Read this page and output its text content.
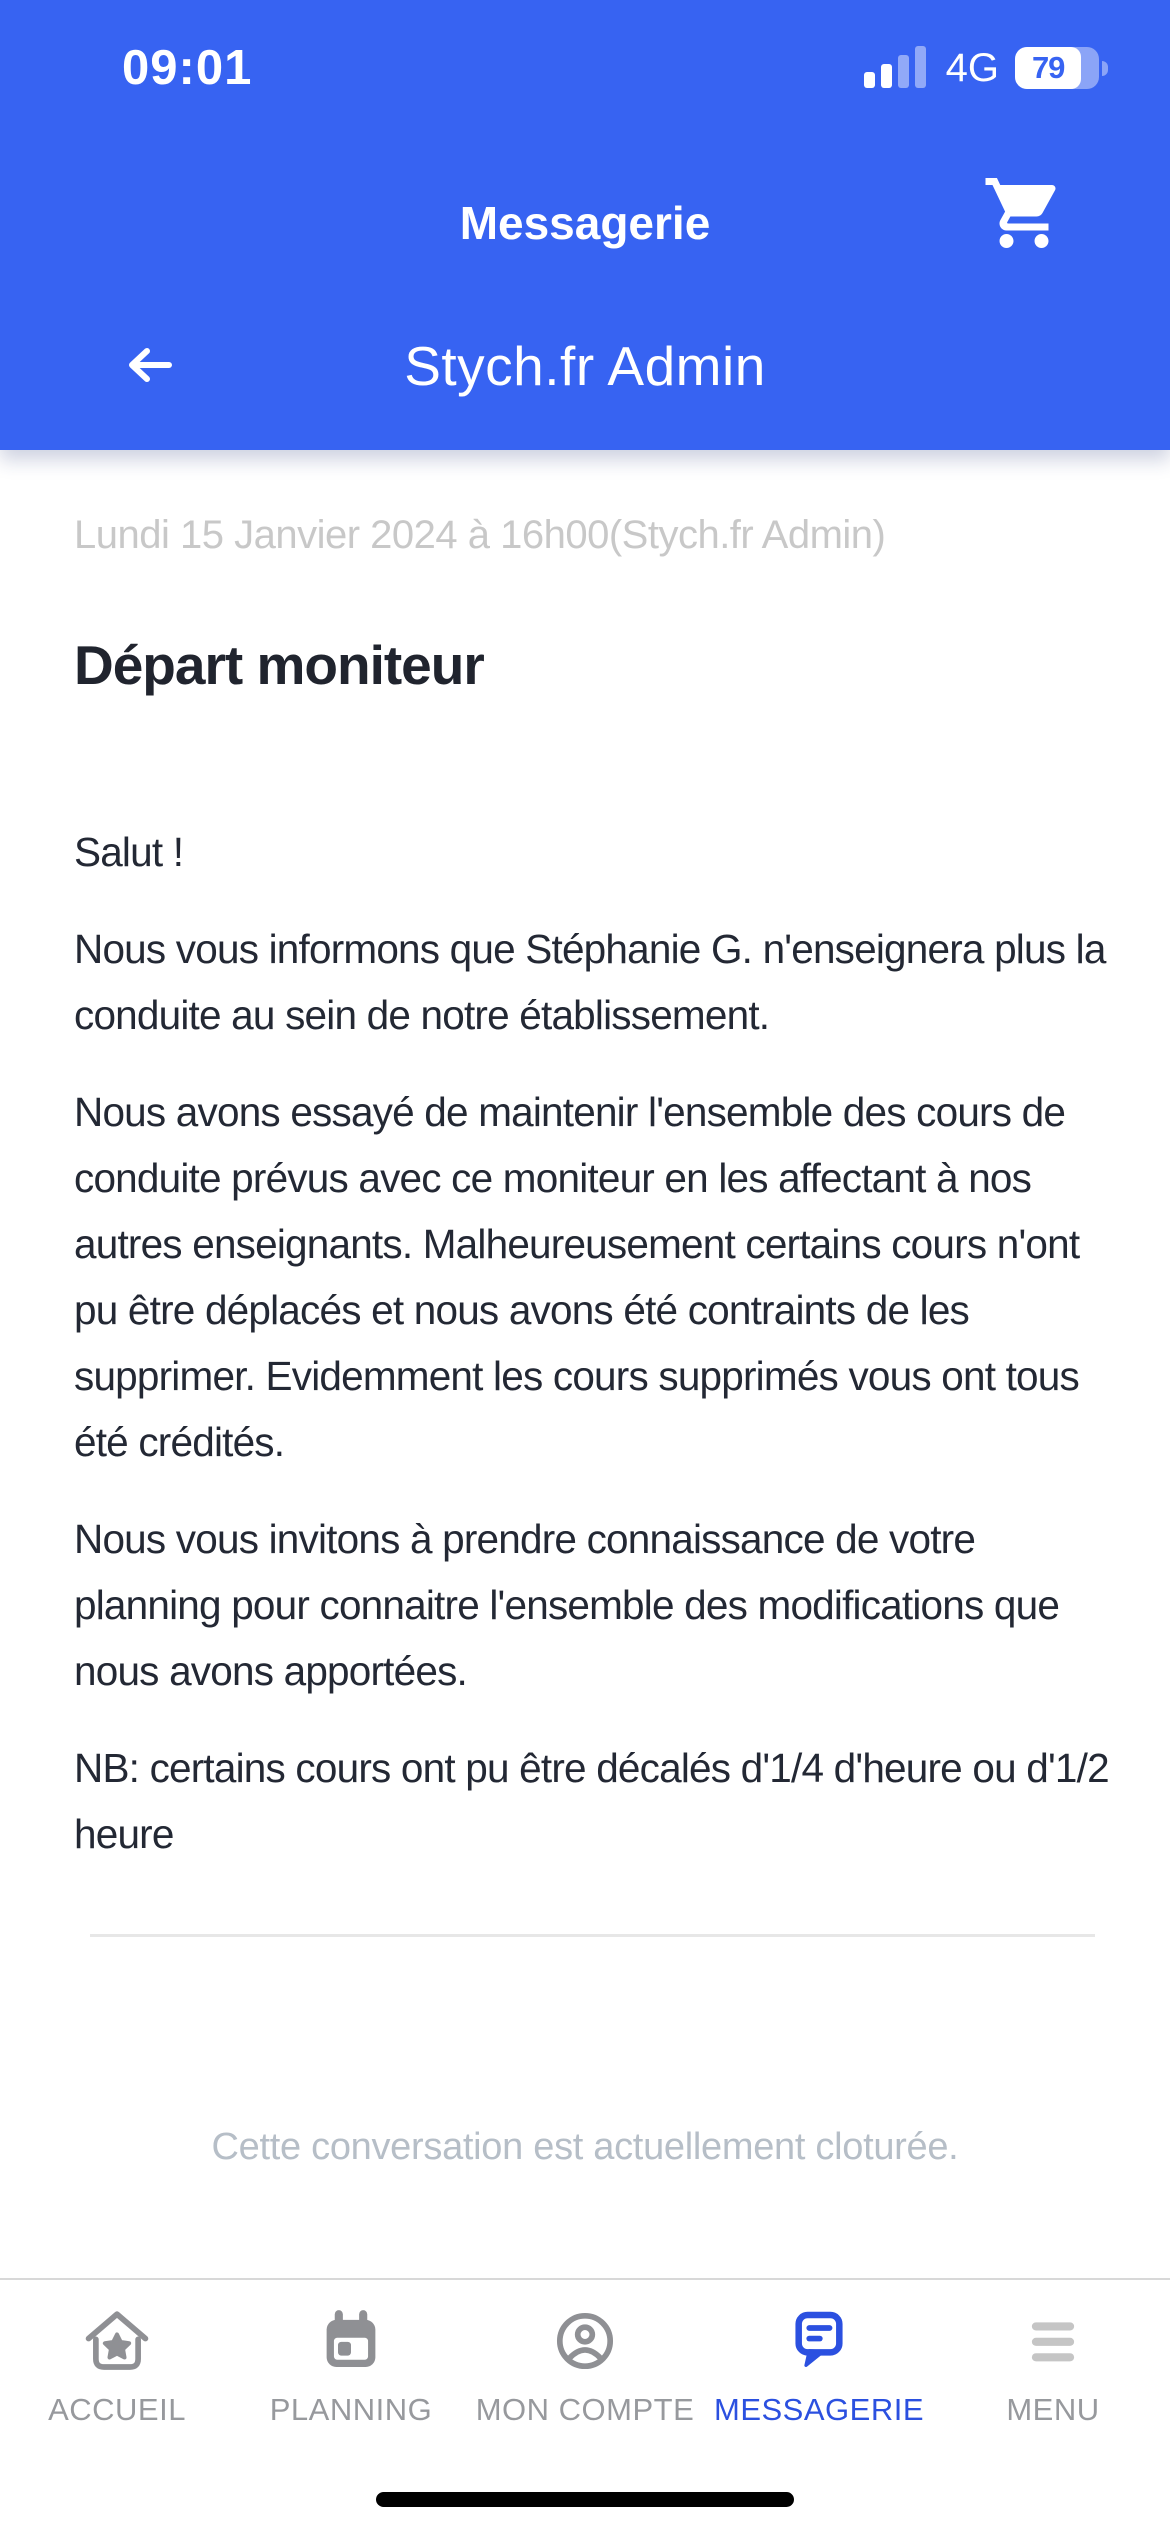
09:01	4G 79
Messagerie
Stych.fr Admin
Lundi 15 Janvier 2024 à 16h00(Stych.fr Admin)
Départ moniteur

Salut !

Nous vous informons que Stéphanie G. n'enseignera plus la conduite au sein de notre établissement.

Nous avons essayé de maintenir l'ensemble des cours de conduite prévus avec ce moniteur en les affectant à nos autres enseignants. Malheureusement certains cours n'ont pu être déplacés et nous avons été contraints de les supprimer. Evidemment les cours supprimés vous ont tous été crédités.

Nous vous invitons à prendre connaissance de votre planning pour connaitre l'ensemble des modifications que nous avons apportées.

NB: certains cours ont pu être décalés d'1/4 d'heure ou d'1/2 heure

Cette conversation est actuellement cloturée.
ACCUEIL	PLANNING MON COMPTE MESSAGERIE	MENU
